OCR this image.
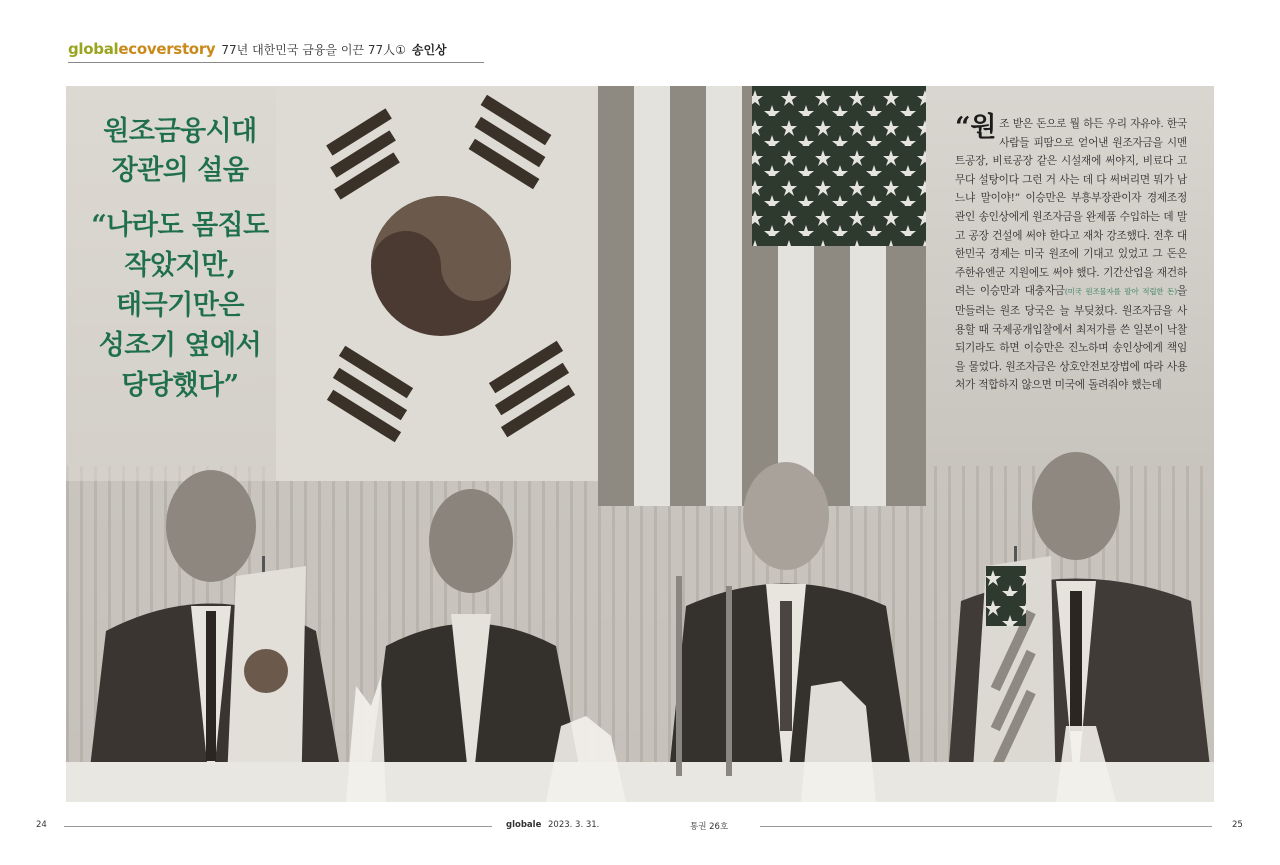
globalecoverstory 77년 대한민국 금융을 이끈 77人① 송인상
원조금융시대
장관의 설움
“나라도 몸집도
작았지만,
태극기만은
성조기 옆에서
당당했다”
“원조 받은 돈으로 뭘 하든 우리 자유야. 한국 사람들 피땀으로 얻어낸 원조자금을 시멘트공장, 비료공장 같은 시설재에 써야지, 비료다 고무다 설탕이다 그런 거 사는 데 다 써버리면 뭐가 남느냐 말이야!” 이승만은 부흥부장관이자 경제조정관인 송인상에게 원조자금을 완제품 수입하는 데 말고 공장 건설에 써야 한다고 재차 강조했다. 전후 대한민국 경제는 미국 원조에 기대고 있었고 그 돈은 주한유엔군 지원에도 써야 했다. 기간산업을 재건하려는 이승만과 대충자금(미국 원조물자를 팔아 적립한 돈)을 만들려는 원조 당국은 늘 부딪쳤다. 원조자금을 사용할 때 국제공개입찰에서 최저가를 쓴 일본이 낙찰되기라도 하면 이승만은 진노하며 송인상에게 책임을 물었다. 원조자금은 상호안전보장법에 따라 사용처가 적합하지 않으면 미국에 돌려줘야 했는데
24	globale 2023. 3. 31.	통권 26호	25
